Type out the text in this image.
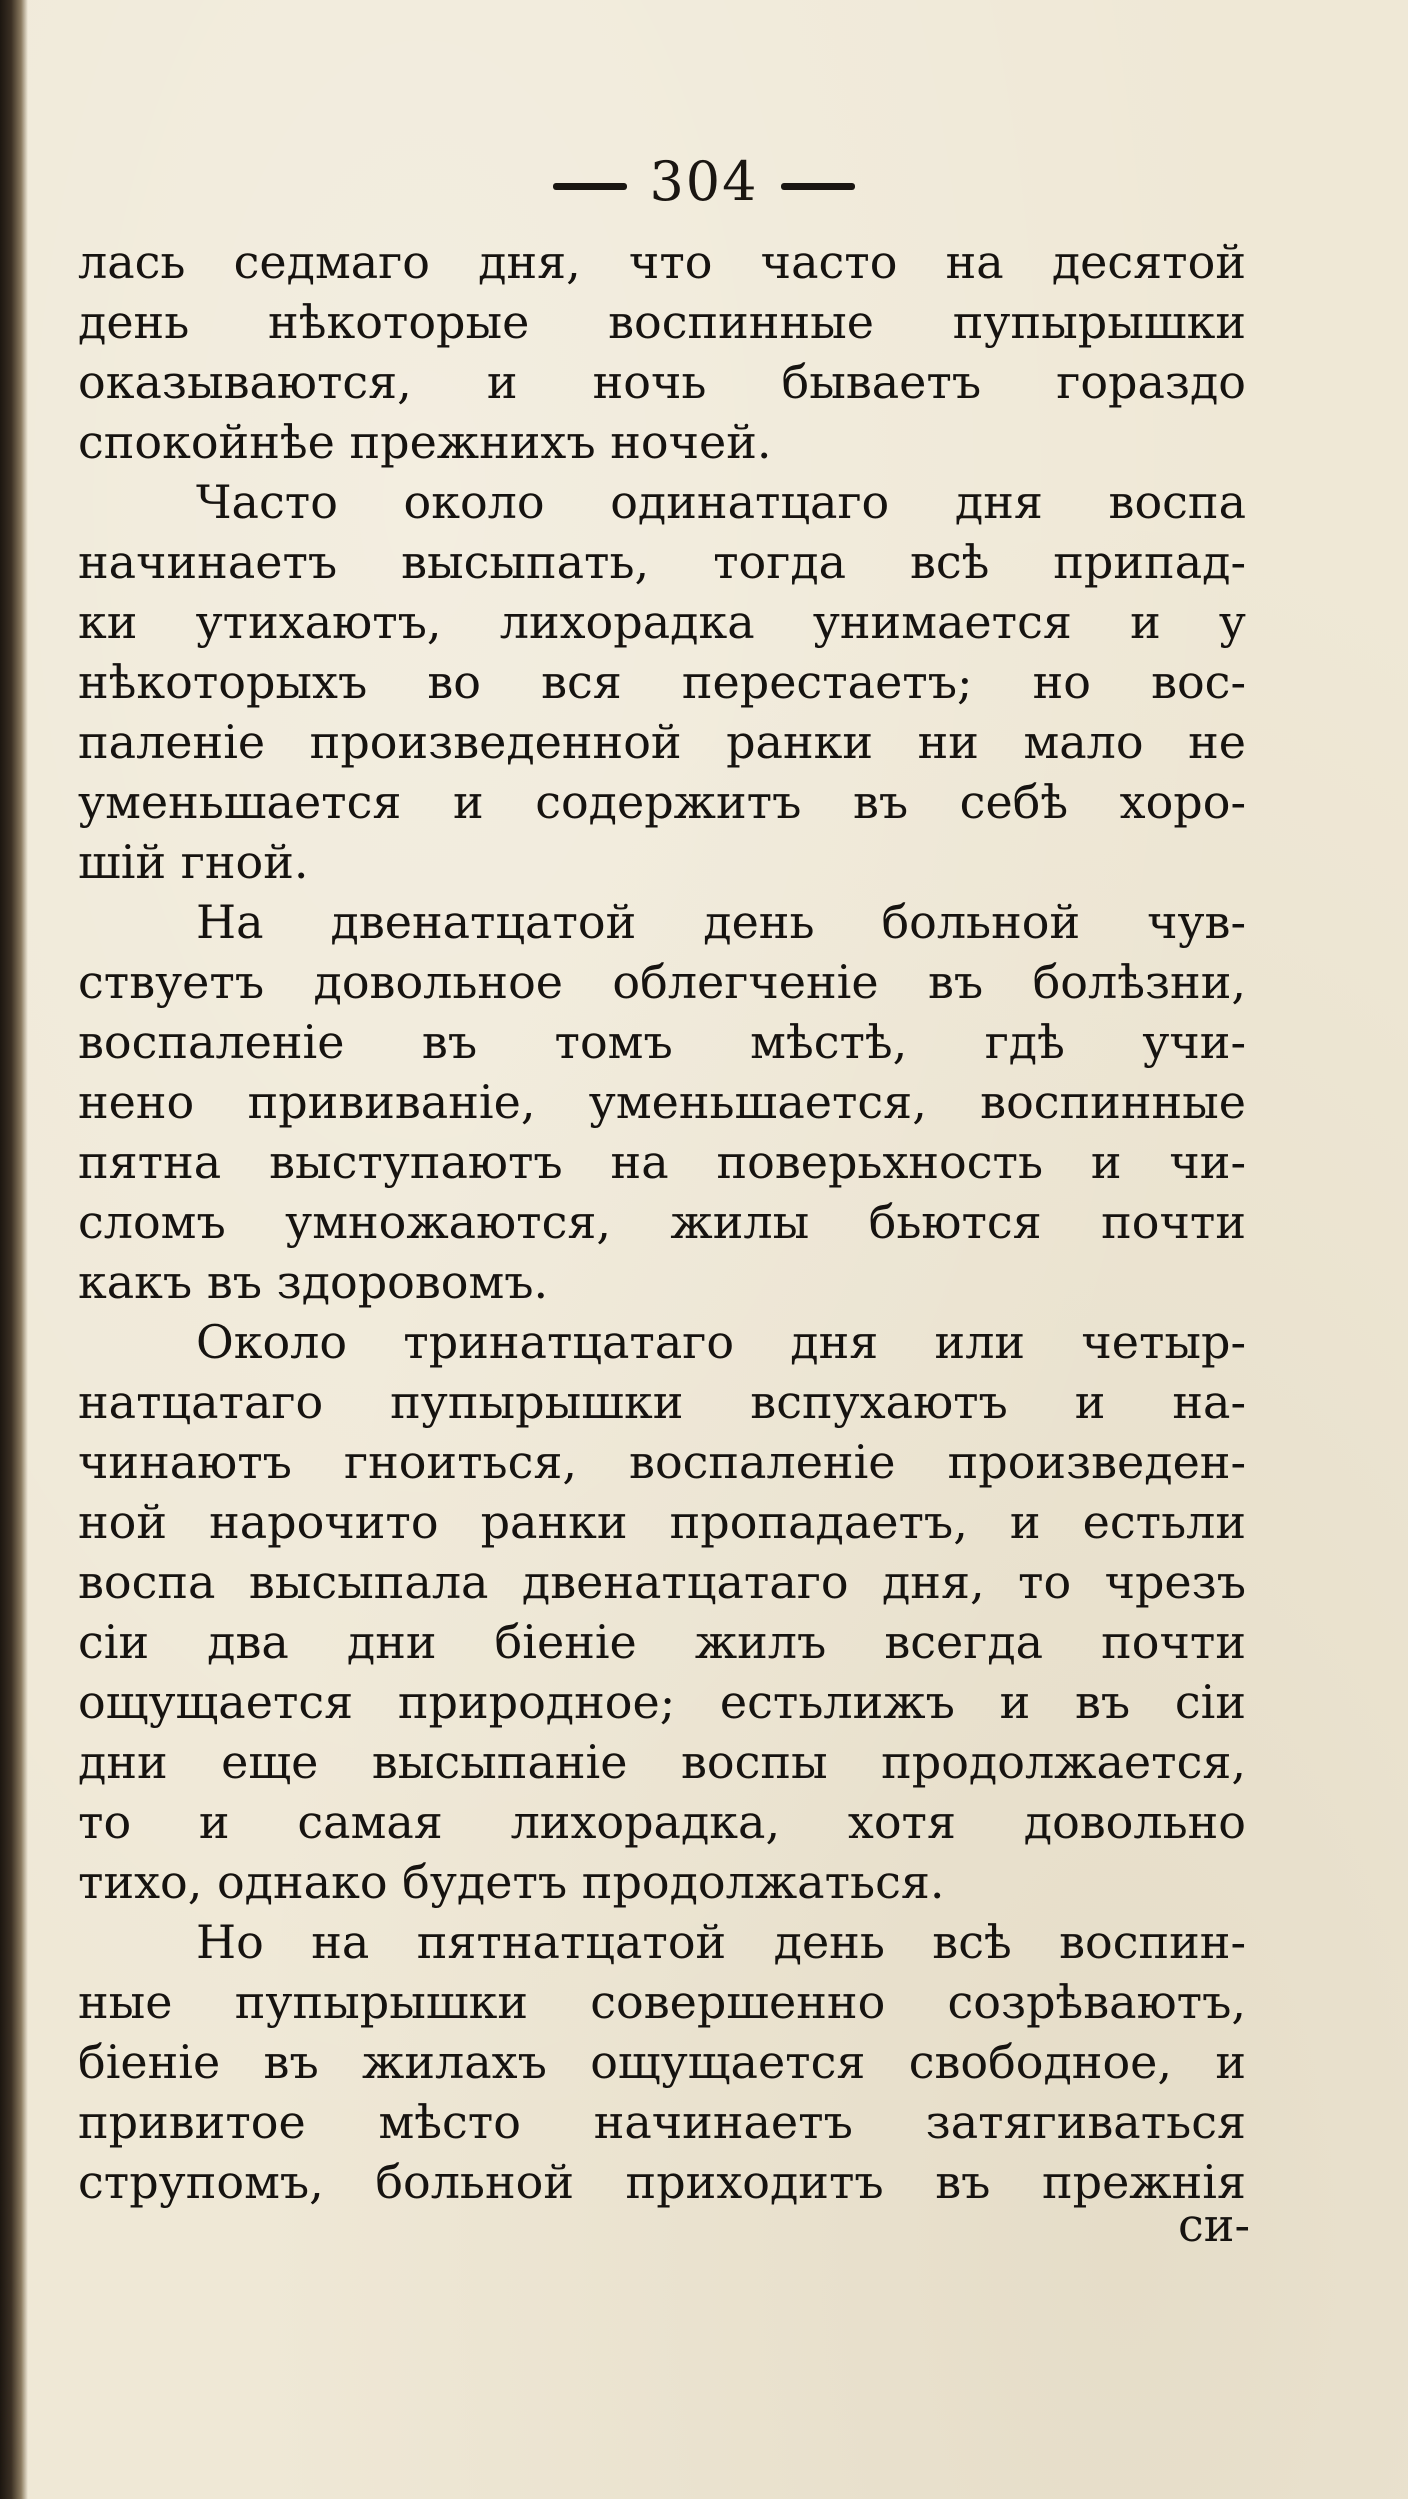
304
лась седмаго дня, что часто на десятой
день нѣкоторые воспинные пупырышки
оказываются, и ночь бываетъ гораздо
спокойнѣе прежнихъ ночей.
Часто около одинатцаго дня воспа
начинаетъ высыпать, тогда всѣ припад-
ки утихаютъ, лихорадка унимается и у
нѣкоторыхъ во вся перестаетъ; но вос-
паленіе произведенной ранки ни мало не
уменьшается и содержитъ въ себѣ хоро-
шій гной.
На двенатцатой день больной чув-
ствуетъ довольное облегченіе въ болѣзни,
воспаленіе въ томъ мѣстѣ, гдѣ учи-
нено прививаніе, уменьшается, воспинные
пятна выступаютъ на поверьхность и чи-
сломъ умножаются, жилы бьются почти
какъ въ здоровомъ.
Около тринатцатаго дня или четыр-
натцатаго пупырышки вспухаютъ и на-
чинаютъ гноиться, воспаленіе произведен-
ной нарочито ранки пропадаетъ, и естьли
воспа высыпала двенатцатаго дня, то чрезъ
сіи два дни біеніе жилъ всегда почти
ощущается природное; естьлижъ и въ сіи
дни еще высыпаніе воспы продолжается,
то и самая лихорадка, хотя довольно
тихо, однако будетъ продолжаться.
Но на пятнатцатой день всѣ воспин-
ные пупырышки совершенно созрѣваютъ,
біеніе въ жилахъ ощущается свободное, и
привитое мѣсто начинаетъ затягиваться
струпомъ, больной приходитъ въ прежнія
си-
